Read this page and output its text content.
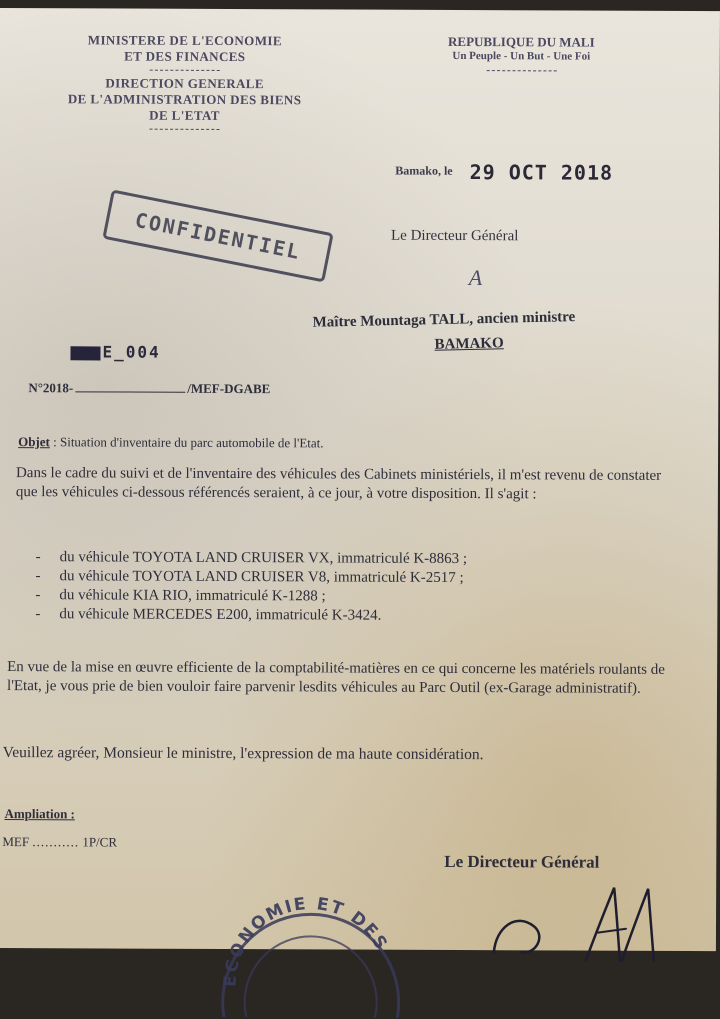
MINISTERE DE L'ECONOMIE
ET DES FINANCES
DIRECTION GENERALE
DE L'ADMINISTRATION DES BIENS
DE L'ETAT
REPUBLIQUE DU MALI
Un Peuple - Un But - Une Foi
Bamako, le 29 OCT 2018
CONFIDENTIEL	Le Directeur Général
A
Maître Mountaga TALL, ancien ministre
BAMAKO
E_004
N°2018-	/MEF-DGABE
Objet : Situation d'inventaire du parc automobile de l'Etat.
Dans le cadre du suivi et de l'inventaire des véhicules des Cabinets ministériels, il m'est revenu de constater que les véhicules ci-dessous référencés seraient, à ce jour, à votre disposition. Il s'agit :
- du véhicule TOYOTA LAND CRUISER VX, immatriculé K-8863 ;
- du véhicule TOYOTA LAND CRUISER V8, immatriculé K-2517 ;
- du véhicule KIA RIO, immatriculé K-1288 ;
- du véhicule MERCEDES E200, immatriculé K-3424.
En vue de la mise en œuvre efficiente de la comptabilité-matières en ce qui concerne les matériels roulants de l'Etat, je vous prie de bien vouloir faire parvenir lesdits véhicules au Parc Outil (ex-Garage administratif).
Veuillez agréer, Monsieur le ministre, l'expression de ma haute considération.
Ampliation :
MEF ........... 1P/CR
Le Directeur Général
ECONOMIE ET DES
